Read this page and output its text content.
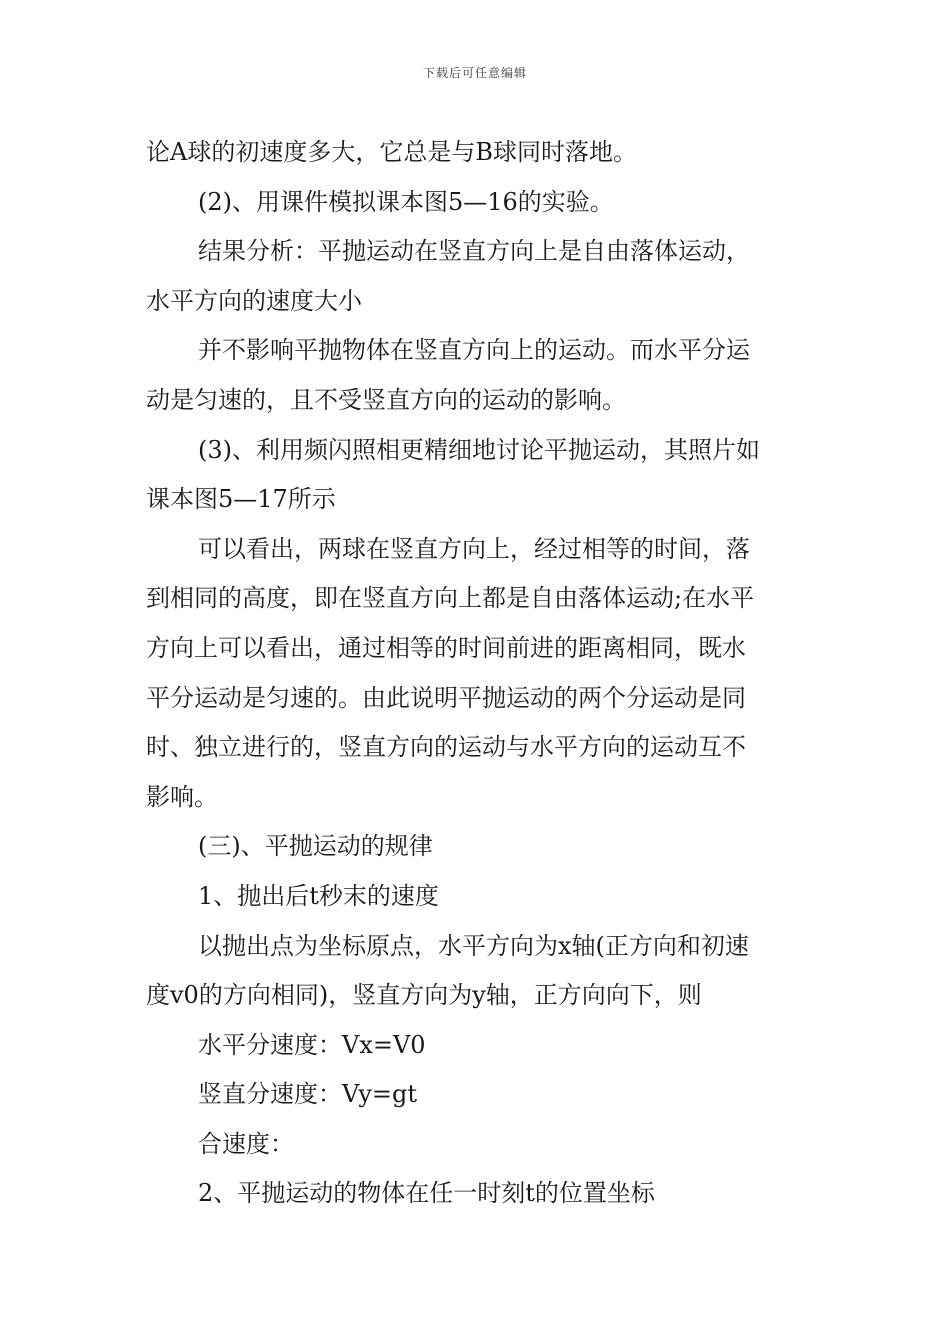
下载后可任意编辑
论A球的初速度多大，它总是与B球同时落地。
(2)、用课件模拟课本图5—16的实验。
结果分析：平抛运动在竖直方向上是自由落体运动，
水平方向的速度大小
并不影响平抛物体在竖直方向上的运动。而水平分运
动是匀速的，且不受竖直方向的运动的影响。
(3)、利用频闪照相更精细地讨论平抛运动，其照片如
课本图5—17所示
可以看出，两球在竖直方向上，经过相等的时间，落
到相同的高度，即在竖直方向上都是自由落体运动;在水平
方向上可以看出，通过相等的时间前进的距离相同，既水
平分运动是匀速的。由此说明平抛运动的两个分运动是同
时、独立进行的，竖直方向的运动与水平方向的运动互不
影响。
(三)、平抛运动的规律
1、抛出后t秒末的速度
以抛出点为坐标原点，水平方向为x轴(正方向和初速
度v0的方向相同)，竖直方向为y轴，正方向向下，则
水平分速度：Vx=V0
竖直分速度：Vy=gt
合速度：
2、平抛运动的物体在任一时刻t的位置坐标
